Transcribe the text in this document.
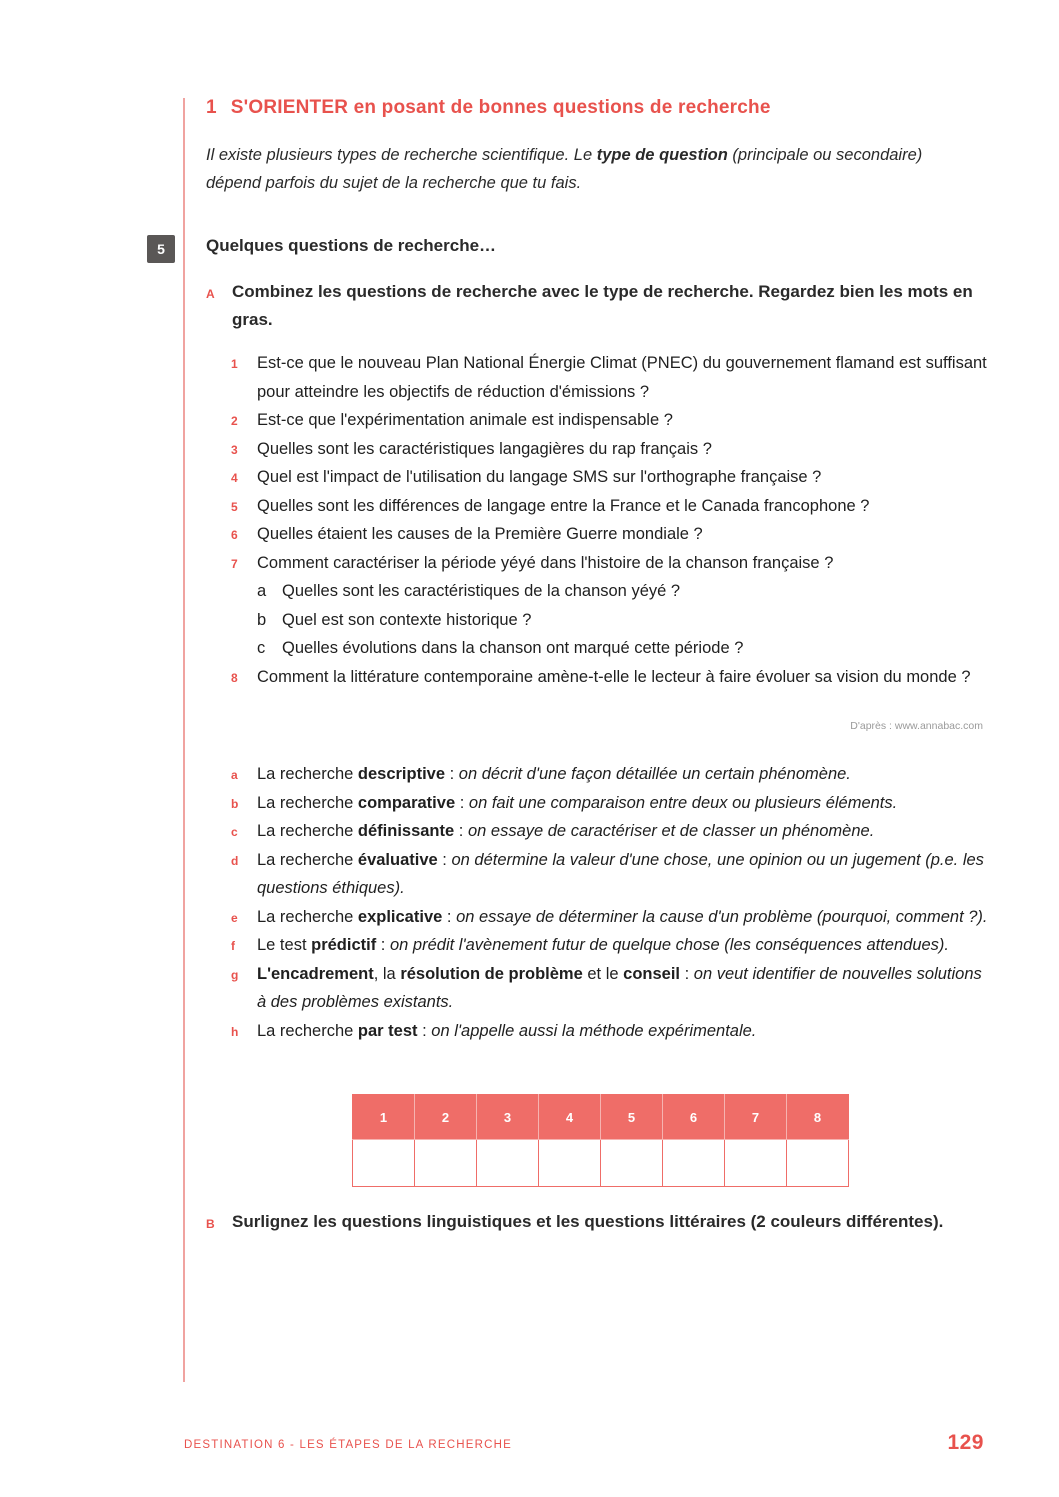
1 S'ORIENTER en posant de bonnes questions de recherche
Il existe plusieurs types de recherche scientifique. Le type de question (principale ou secondaire) dépend parfois du sujet de la recherche que tu fais.
5	Quelques questions de recherche…
A Combinez les questions de recherche avec le type de recherche. Regardez bien les mots en gras.
1 Est-ce que le nouveau Plan National Énergie Climat (PNEC) du gouvernement flamand est suffisant pour atteindre les objectifs de réduction d'émissions ?
2 Est-ce que l'expérimentation animale est indispensable ?
3 Quelles sont les caractéristiques langagières du rap français ?
4 Quel est l'impact de l'utilisation du langage SMS sur l'orthographe française ?
5 Quelles sont les différences de langage entre la France et le Canada francophone ?
6 Quelles étaient les causes de la Première Guerre mondiale ?
7 Comment caractériser la période yéyé dans l'histoire de la chanson française ?
a Quelles sont les caractéristiques de la chanson yéyé ?
b Quel est son contexte historique ?
c Quelles évolutions dans la chanson ont marqué cette période ?
8 Comment la littérature contemporaine amène-t-elle le lecteur à faire évoluer sa vision du monde ?
D'après : www.annabac.com
a La recherche descriptive : on décrit d'une façon détaillée un certain phénomène.
b La recherche comparative : on fait une comparaison entre deux ou plusieurs éléments.
c La recherche définissante : on essaye de caractériser et de classer un phénomène.
d La recherche évaluative : on détermine la valeur d'une chose, une opinion ou un jugement (p.e. les questions éthiques).
e La recherche explicative : on essaye de déterminer la cause d'un problème (pourquoi, comment ?).
f Le test prédictif : on prédit l'avènement futur de quelque chose (les conséquences attendues).
g L'encadrement, la résolution de problème et le conseil : on veut identifier de nouvelles solutions à des problèmes existants.
h La recherche par test : on l'appelle aussi la méthode expérimentale.
1	2	3	4	5	6	7	8

B Surlignez les questions linguistiques et les questions littéraires (2 couleurs différentes).
DESTINATION 6 - LES ÉTAPES DE LA RECHERCHE	129
